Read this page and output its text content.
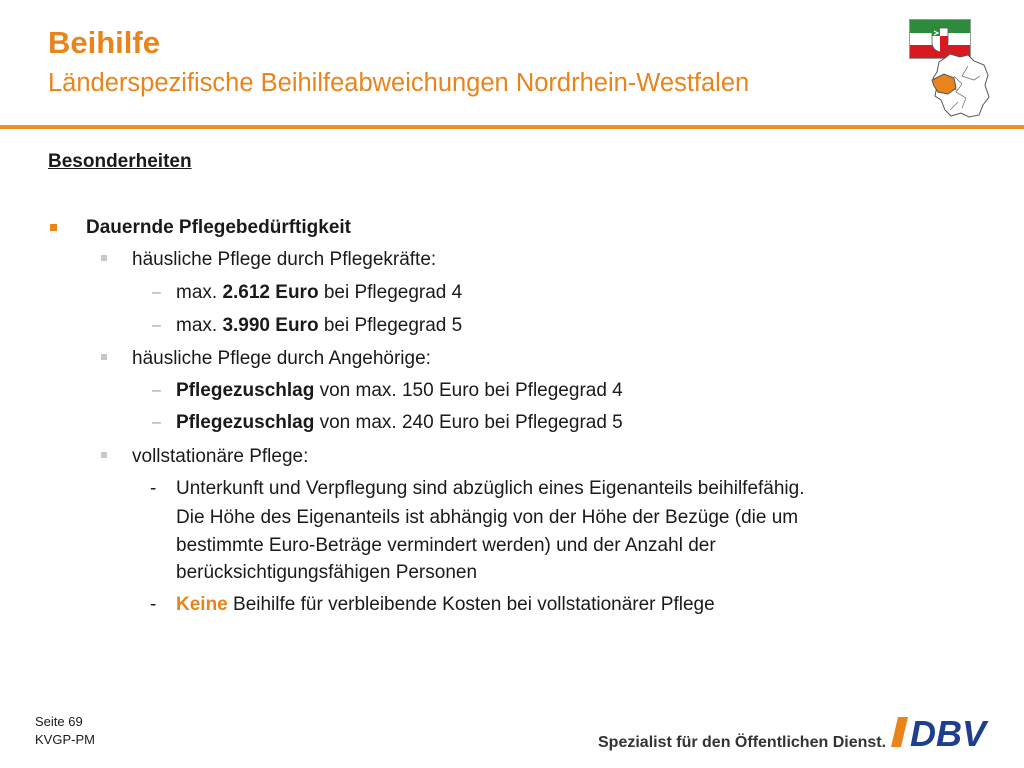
Beihilfe
Länderspezifische Beihilfeabweichungen Nordrhein-Westfalen
Besonderheiten
Dauernde Pflegebedürftigkeit
häusliche Pflege durch Pflegekräfte:
– max. 2.612 Euro bei Pflegegrad 4
– max. 3.990 Euro bei Pflegegrad 5
häusliche Pflege durch Angehörige:
– Pflegezuschlag von max. 150 Euro bei Pflegegrad 4
– Pflegezuschlag von max. 240 Euro bei Pflegegrad 5
vollstationäre Pflege:
- Unterkunft und Verpflegung sind abzüglich eines Eigenanteils beihilfefähig.
Die Höhe des Eigenanteils ist abhängig von der Höhe der Bezüge (die um
bestimmte Euro-Beträge vermindert werden) und der Anzahl der
berücksichtigungsfähigen Personen
- Keine Beihilfe für verbleibende Kosten bei vollstationärer Pflege
Seite 69
KVGP-PM	Spezialist für den Öffentlichen Dienst. DBV
